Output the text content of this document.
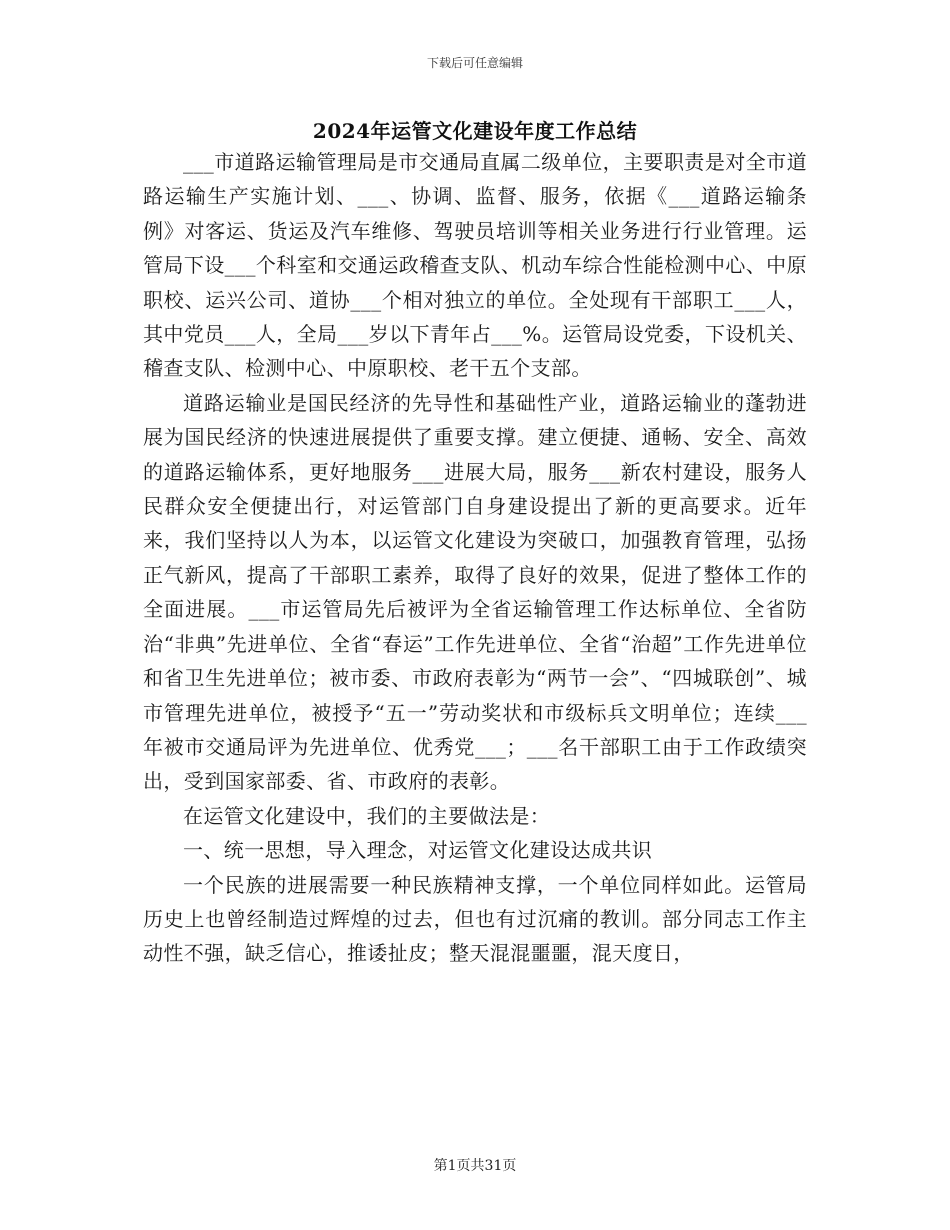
下载后可任意编辑
2024年运管文化建设年度工作总结

___市道路运输管理局是市交通局直属二级单位，主要职责是对全市道路运输生产实施计划、___、协调、监督、服务，依据《___道路运输条例》对客运、货运及汽车维修、驾驶员培训等相关业务进行行业管理。运管局下设___个科室和交通运政稽查支队、机动车综合性能检测中心、中原职校、运兴公司、道协___个相对独立的单位。全处现有干部职工___人，其中党员___人，全局___岁以下青年占___%。运管局设党委，下设机关、稽查支队、检测中心、中原职校、老干五个支部。

道路运输业是国民经济的先导性和基础性产业，道路运输业的蓬勃进展为国民经济的快速进展提供了重要支撑。建立便捷、通畅、安全、高效的道路运输体系，更好地服务___进展大局，服务___新农村建设，服务人民群众安全便捷出行，对运管部门自身建设提出了新的更高要求。近年来，我们坚持以人为本，以运管文化建设为突破口，加强教育管理，弘扬正气新风，提高了干部职工素养，取得了良好的效果，促进了整体工作的全面进展。___市运管局先后被评为全省运输管理工作达标单位、全省防治“非典”先进单位、全省“春运”工作先进单位、全省“治超”工作先进单位和省卫生先进单位；被市委、市政府表彰为“两节一会”、“四城联创”、城市管理先进单位，被授予“五一”劳动奖状和市级标兵文明单位；连续___年被市交通局评为先进单位、优秀党___；___名干部职工由于工作政绩突出，受到国家部委、省、市政府的表彰。

在运管文化建设中，我们的主要做法是：

一、统一思想，导入理念，对运管文化建设达成共识

一个民族的进展需要一种民族精神支撑，一个单位同样如此。运管局历史上也曾经制造过辉煌的过去，但也有过沉痛的教训。部分同志工作主动性不强，缺乏信心，推诿扯皮；整天混混噩噩，混天度日，

第1页共31页
